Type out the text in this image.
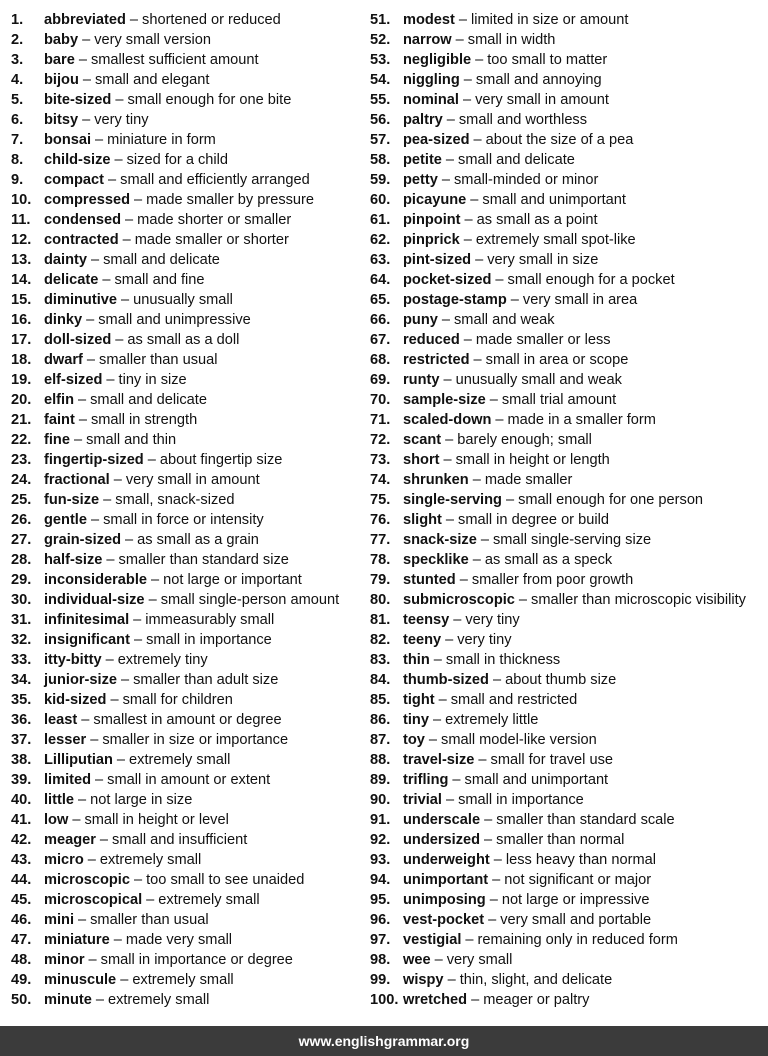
1.	abbreviated – shortened or reduced
2.	baby – very small version
3.	bare – smallest sufficient amount
4.	bijou – small and elegant
5.	bite-sized – small enough for one bite
6.	bitsy – very tiny
7.	bonsai – miniature in form
8.	child-size – sized for a child
9.	compact – small and efficiently arranged
10. compressed – made smaller by pressure
11. condensed – made shorter or smaller
12. contracted – made smaller or shorter
13. dainty – small and delicate
14. delicate – small and fine
15. diminutive – unusually small
16. dinky – small and unimpressive
17. doll-sized – as small as a doll
18. dwarf – smaller than usual
19. elf-sized – tiny in size
20. elfin – small and delicate
21. faint – small in strength
22. fine – small and thin
23. fingertip-sized – about fingertip size
24. fractional – very small in amount
25. fun-size – small, snack-sized
26. gentle – small in force or intensity
27. grain-sized – as small as a grain
28. half-size – smaller than standard size
29. inconsiderable – not large or important
30. individual-size – small single-person amount
31. infinitesimal – immeasurably small
32. insignificant – small in importance
33. itty-bitty – extremely tiny
34. junior-size – smaller than adult size
35. kid-sized – small for children
36. least – smallest in amount or degree
37. lesser – smaller in size or importance
38. Lilliputian – extremely small
39. limited – small in amount or extent
40. little – not large in size
41. low – small in height or level
42. meager – small and insufficient
43. micro – extremely small
44. microscopic – too small to see unaided
45. microscopical – extremely small
46. mini – smaller than usual
47. miniature – made very small
48. minor – small in importance or degree
49. minuscule – extremely small
50. minute – extremely small
51. modest – limited in size or amount
52. narrow – small in width
53. negligible – too small to matter
54. niggling – small and annoying
55. nominal – very small in amount
56. paltry – small and worthless
57. pea-sized – about the size of a pea
58. petite – small and delicate
59. petty – small-minded or minor
60. picayune – small and unimportant
61. pinpoint – as small as a point
62. pinprick – extremely small spot-like
63. pint-sized – very small in size
64. pocket-sized – small enough for a pocket
65. postage-stamp – very small in area
66. puny – small and weak
67. reduced – made smaller or less
68. restricted – small in area or scope
69. runty – unusually small and weak
70. sample-size – small trial amount
71. scaled-down – made in a smaller form
72. scant – barely enough; small
73. short – small in height or length
74. shrunken – made smaller
75. single-serving – small enough for one person
76. slight – small in degree or build
77. snack-size – small single-serving size
78. specklike – as small as a speck
79. stunted – smaller from poor growth
80. submicroscopic – smaller than microscopic visibility
81. teensy – very tiny
82. teeny – very tiny
83. thin – small in thickness
84. thumb-sized – about thumb size
85. tight – small and restricted
86. tiny – extremely little
87. toy – small model-like version
88. travel-size – small for travel use
89. trifling – small and unimportant
90. trivial – small in importance
91. underscale – smaller than standard scale
92. undersized – smaller than normal
93. underweight – less heavy than normal
94. unimportant – not significant or major
95. unimposing – not large or impressive
96. vest-pocket – very small and portable
97. vestigial – remaining only in reduced form
98. wee – very small
99. wispy – thin, slight, and delicate
100. wretched – meager or paltry
www.englishgrammar.org
